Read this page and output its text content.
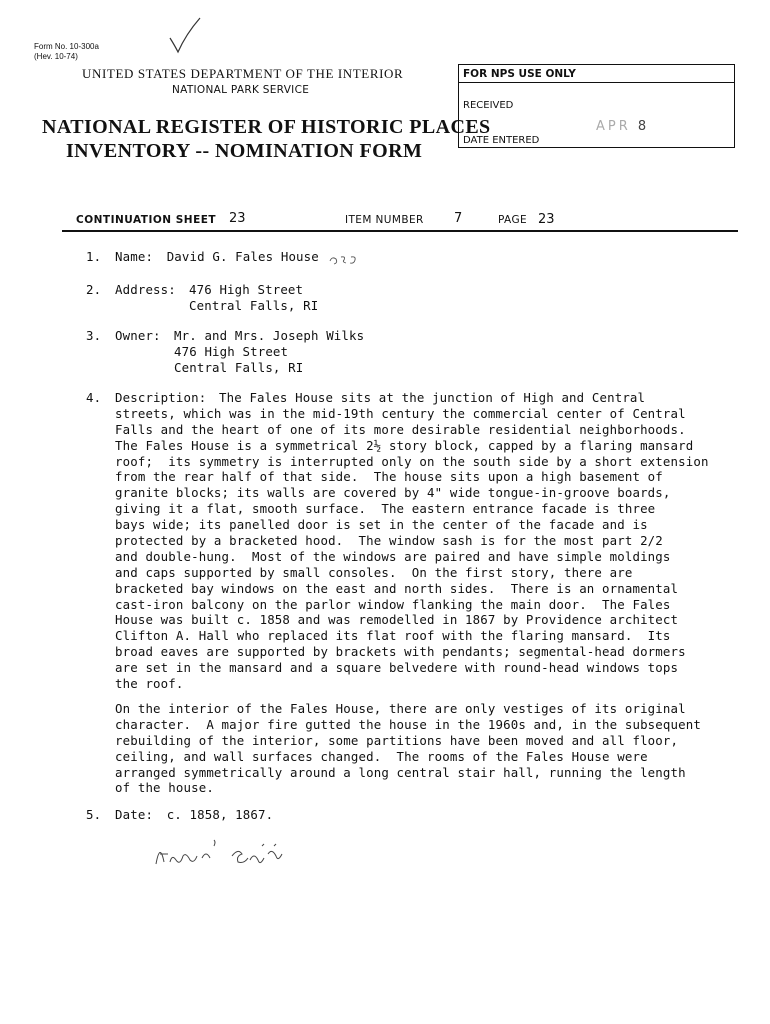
Form No. 10-300a
(Hev. 10-74)
UNITED STATES DEPARTMENT OF THE INTERIOR
NATIONAL PARK SERVICE
NATIONAL REGISTER OF HISTORIC PLACES
INVENTORY -- NOMINATION FORM
FOR NPS USE ONLY
RECEIVED
APR 8
DATE ENTERED
CONTINUATION SHEET 23	ITEM NUMBER 7	PAGE 23
1. Name: David G. Fales House
2. Address: 476 High Street
Central Falls, RI
3. Owner: Mr. and Mrs. Joseph Wilks
476 High Street
Central Falls, RI
4. Description:	The Fales House sits at the junction of High and Central
streets, which was in the mid-19th century the commercial center of Central
Falls and the heart of one of its more desirable residential neighborhoods.
The Fales House is a symmetrical 2½ story block, capped by a flaring mansard
roof;  its symmetry is interrupted only on the south side by a short extension
from the rear half of that side.  The house sits upon a high basement of
granite blocks; its walls are covered by 4" wide tongue-in-groove boards,
giving it a flat, smooth surface.  The eastern entrance facade is three
bays wide; its panelled door is set in the center of the facade and is
protected by a bracketed hood.  The window sash is for the most part 2/2
and double-hung.  Most of the windows are paired and have simple moldings
and caps supported by small consoles.  On the first story, there are
bracketed bay windows on the east and north sides.  There is an ornamental
cast-iron balcony on the parlor window flanking the main door.  The Fales
House was built c. 1858 and was remodelled in 1867 by Providence architect
Clifton A. Hall who replaced its flat roof with the flaring mansard.  Its
broad eaves are supported by brackets with pendants; segmental-head dormers
are set in the mansard and a square belvedere with round-head windows tops
the roof.
On the interior of the Fales House, there are only vestiges of its original
character.  A major fire gutted the house in the 1960s and, in the subsequent
rebuilding of the interior, some partitions have been moved and all floor,
ceiling, and wall surfaces changed.  The rooms of the Fales House were
arranged symmetrically around a long central stair hall, running the length
of the house.
5. Date: c. 1858, 1867.
